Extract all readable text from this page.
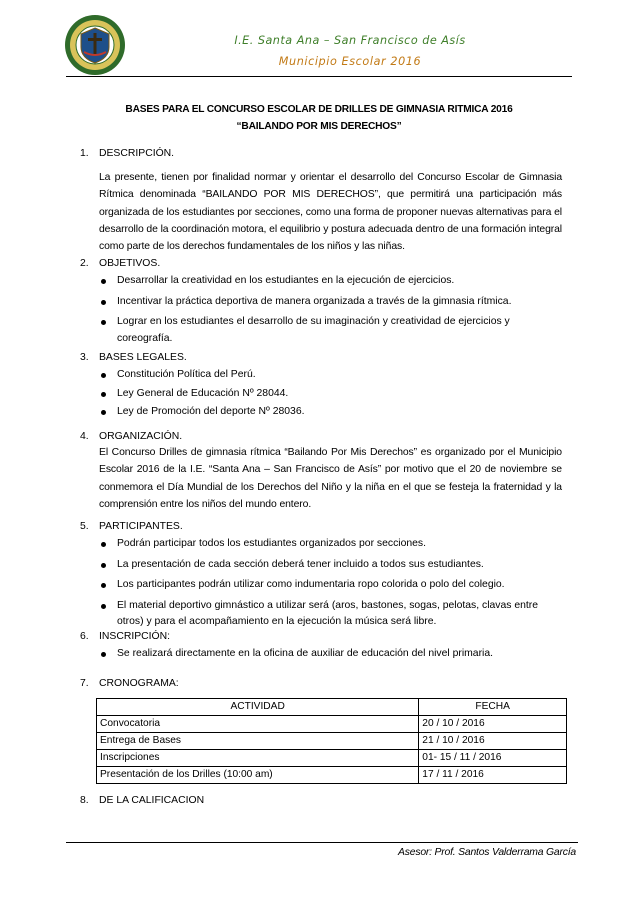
I.E. Santa Ana – San Francisco de Asís
Municipio Escolar 2016
BASES PARA EL CONCURSO ESCOLAR DE DRILLES DE GIMNASIA RITMICA 2016
“BAILANDO POR MIS DERECHOS”
1. DESCRIPCIÓN.
La presente, tienen por finalidad normar y orientar el desarrollo del Concurso Escolar de Gimnasia Rítmica denominada “BAILANDO POR MIS DERECHOS”, que permitirá una participación más organizada de los estudiantes por secciones, como una forma de proponer nuevas alternativas para el desarrollo de la coordinación motora, el equilibrio y postura adecuada dentro de una formación integral como parte de los derechos fundamentales de los niños y las niñas.
2. OBJETIVOS.
Desarrollar la creatividad en los estudiantes en la ejecución de ejercicios.
Incentivar la práctica deportiva de manera organizada a través de la gimnasia rítmica.
Lograr en los estudiantes el desarrollo de su imaginación y creatividad de ejercicios y coreografía.
3. BASES LEGALES.
Constitución Política del Perú.
Ley General de Educación Nº 28044.
Ley de Promoción del deporte Nº 28036.
4. ORGANIZACIÓN.
El Concurso Drilles de gimnasia rítmica “Bailando Por Mis Derechos” es organizado por el Municipio Escolar 2016 de la I.E. “Santa Ana – San Francisco de Asís” por motivo que el 20 de noviembre se conmemora el Día Mundial de los Derechos del Niño y la niña en el que se festeja la fraternidad y la comprensión entre los niños del mundo entero.
5. PARTICIPANTES.
Podrán participar todos los estudiantes organizados por secciones.
La presentación de cada sección deberá tener incluido a todos sus estudiantes.
Los participantes podrán utilizar como indumentaria ropo colorida o polo del colegio.
El material deportivo gimnástico a utilizar será (aros, bastones, sogas, pelotas, clavas entre otros) y para el acompañamiento en la ejecución la música será libre.
6. INSCRIPCIÓN:
Se realizará directamente en la oficina de auxiliar de educación del nivel primaria.
7. CRONOGRAMA:
ACTIVIDAD	FECHA
Convocatoria	20 / 10 / 2016
Entrega de Bases	21 / 10 / 2016
Inscripciones	01- 15 / 11 / 2016
Presentación de los Drilles (10:00 am)	17 / 11 / 2016
8. DE LA CALIFICACION
Asesor: Prof. Santos Valderrama García
